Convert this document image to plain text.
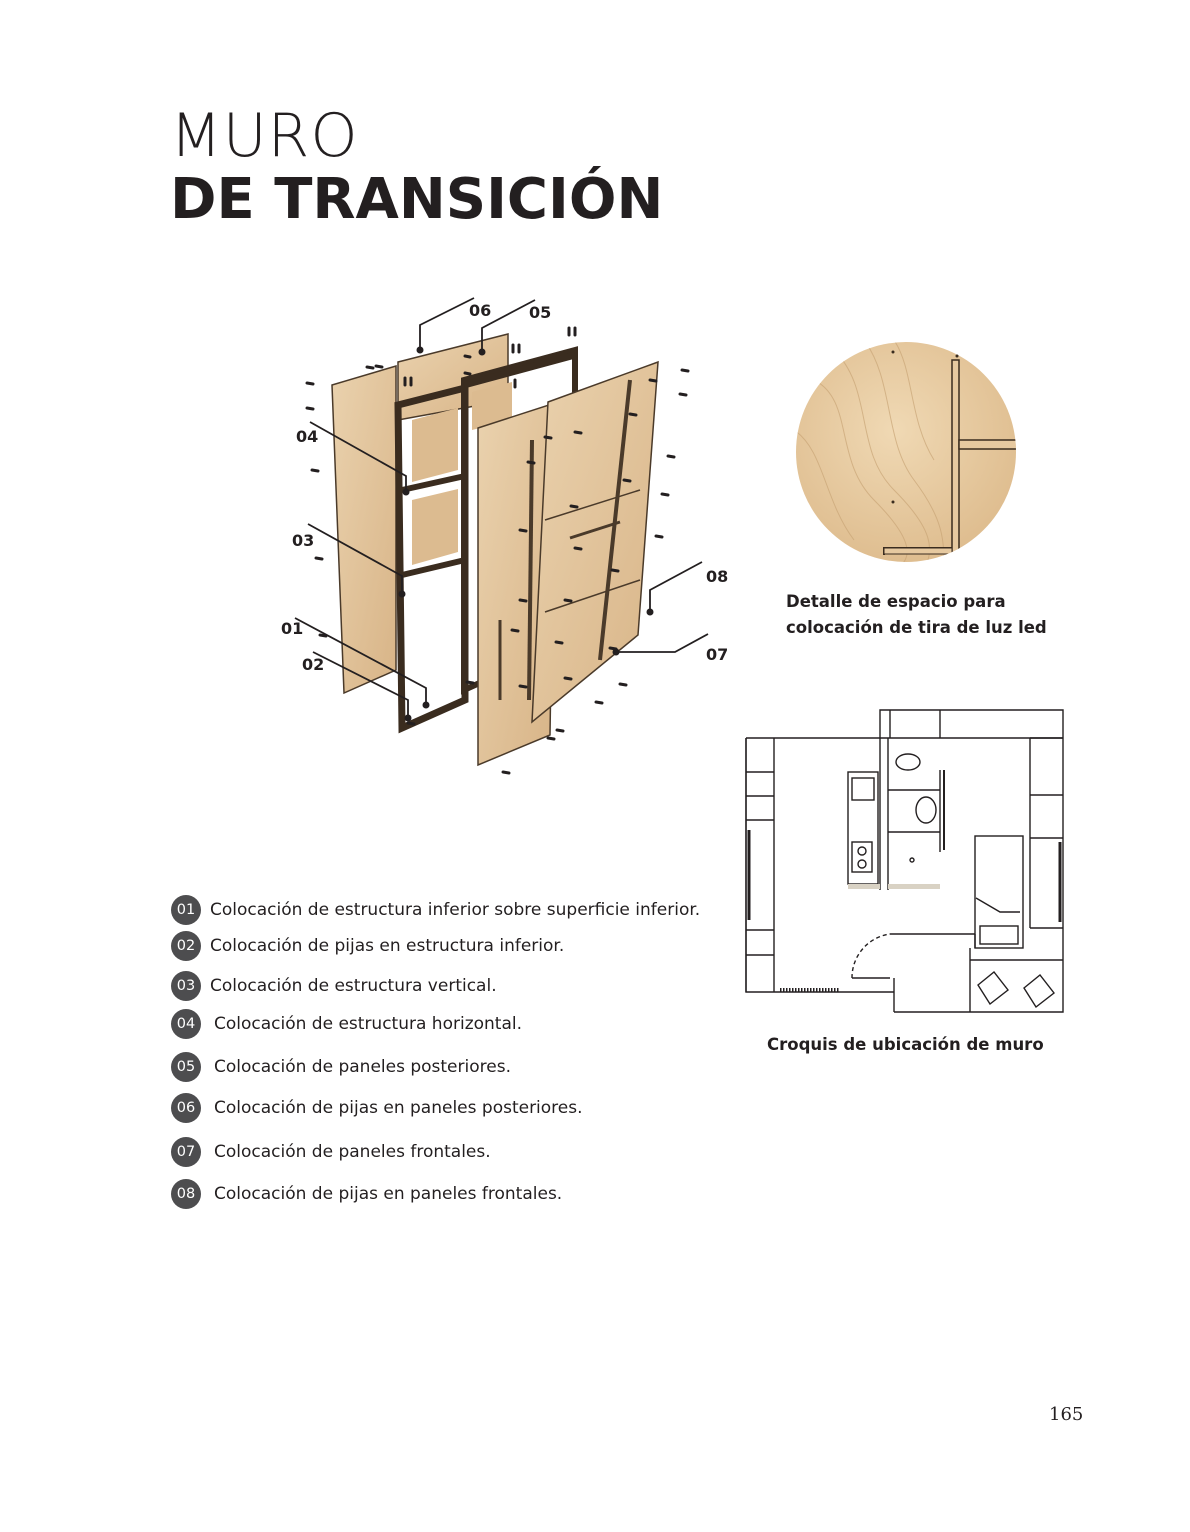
MURO
DE TRANSICIÓN
06 05
04
03
01
02
08
07
Detalle de espacio para
colocación de tira de luz led
Croquis de ubicación de muro
01 Colocación de estructura inferior sobre superficie inferior.
02 Colocación de pijas en estructura inferior.
03 Colocación de estructura vertical.
04	Colocación de estructura horizontal.
05	Colocación de paneles posteriores.
06	Colocación de pijas en paneles posteriores.
07	Colocación de paneles frontales.
08	Colocación de pijas en paneles frontales.
165
